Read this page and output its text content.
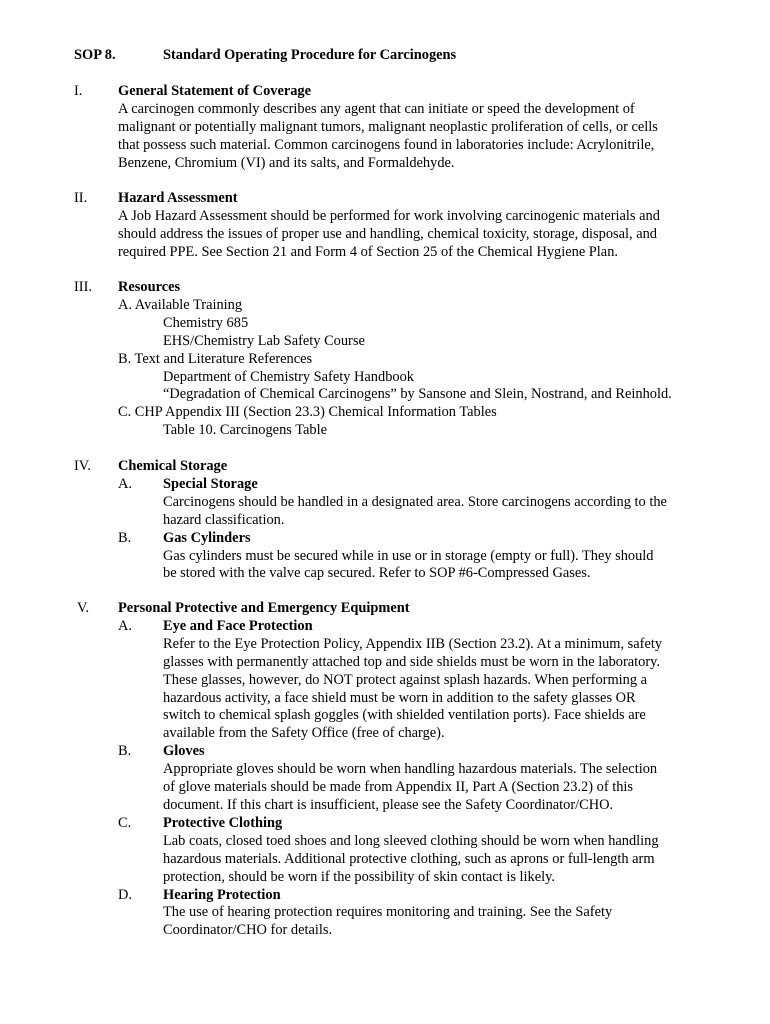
SOP 8.	Standard Operating Procedure for Carcinogens
I. General Statement of Coverage
A carcinogen commonly describes any agent that can initiate or speed the development of
malignant or potentially malignant tumors, malignant neoplastic proliferation of cells, or cells
that possess such material. Common carcinogens found in laboratories include: Acrylonitrile,
Benzene, Chromium (VI) and its salts, and Formaldehyde.
II. Hazard Assessment
A Job Hazard Assessment should be performed for work involving carcinogenic materials and
should address the issues of proper use and handling, chemical toxicity, storage, disposal, and
required PPE. See Section 21 and Form 4 of Section 25 of the Chemical Hygiene Plan.
III. Resources
A. Available Training
Chemistry 685
EHS/Chemistry Lab Safety Course
B. Text and Literature References
Department of Chemistry Safety Handbook
“Degradation of Chemical Carcinogens” by Sansone and Slein, Nostrand, and Reinhold.
C. CHP Appendix III (Section 23.3) Chemical Information Tables
Table 10. Carcinogens Table
IV. Chemical Storage
A. Special Storage
Carcinogens should be handled in a designated area. Store carcinogens according to the
hazard classification.
B. Gas Cylinders
Gas cylinders must be secured while in use or in storage (empty or full). They should
be stored with the valve cap secured. Refer to SOP #6-Compressed Gases.
V. Personal Protective and Emergency Equipment
A. Eye and Face Protection
Refer to the Eye Protection Policy, Appendix IIB (Section 23.2). At a minimum, safety
glasses with permanently attached top and side shields must be worn in the laboratory.
These glasses, however, do NOT protect against splash hazards. When performing a
hazardous activity, a face shield must be worn in addition to the safety glasses OR
switch to chemical splash goggles (with shielded ventilation ports). Face shields are
available from the Safety Office (free of charge).
B. Gloves
Appropriate gloves should be worn when handling hazardous materials. The selection
of glove materials should be made from Appendix II, Part A (Section 23.2) of this
document. If this chart is insufficient, please see the Safety Coordinator/CHO.
C. Protective Clothing
Lab coats, closed toed shoes and long sleeved clothing should be worn when handling
hazardous materials. Additional protective clothing, such as aprons or full-length arm
protection, should be worn if the possibility of skin contact is likely.
D. Hearing Protection
The use of hearing protection requires monitoring and training. See the Safety
Coordinator/CHO for details.
